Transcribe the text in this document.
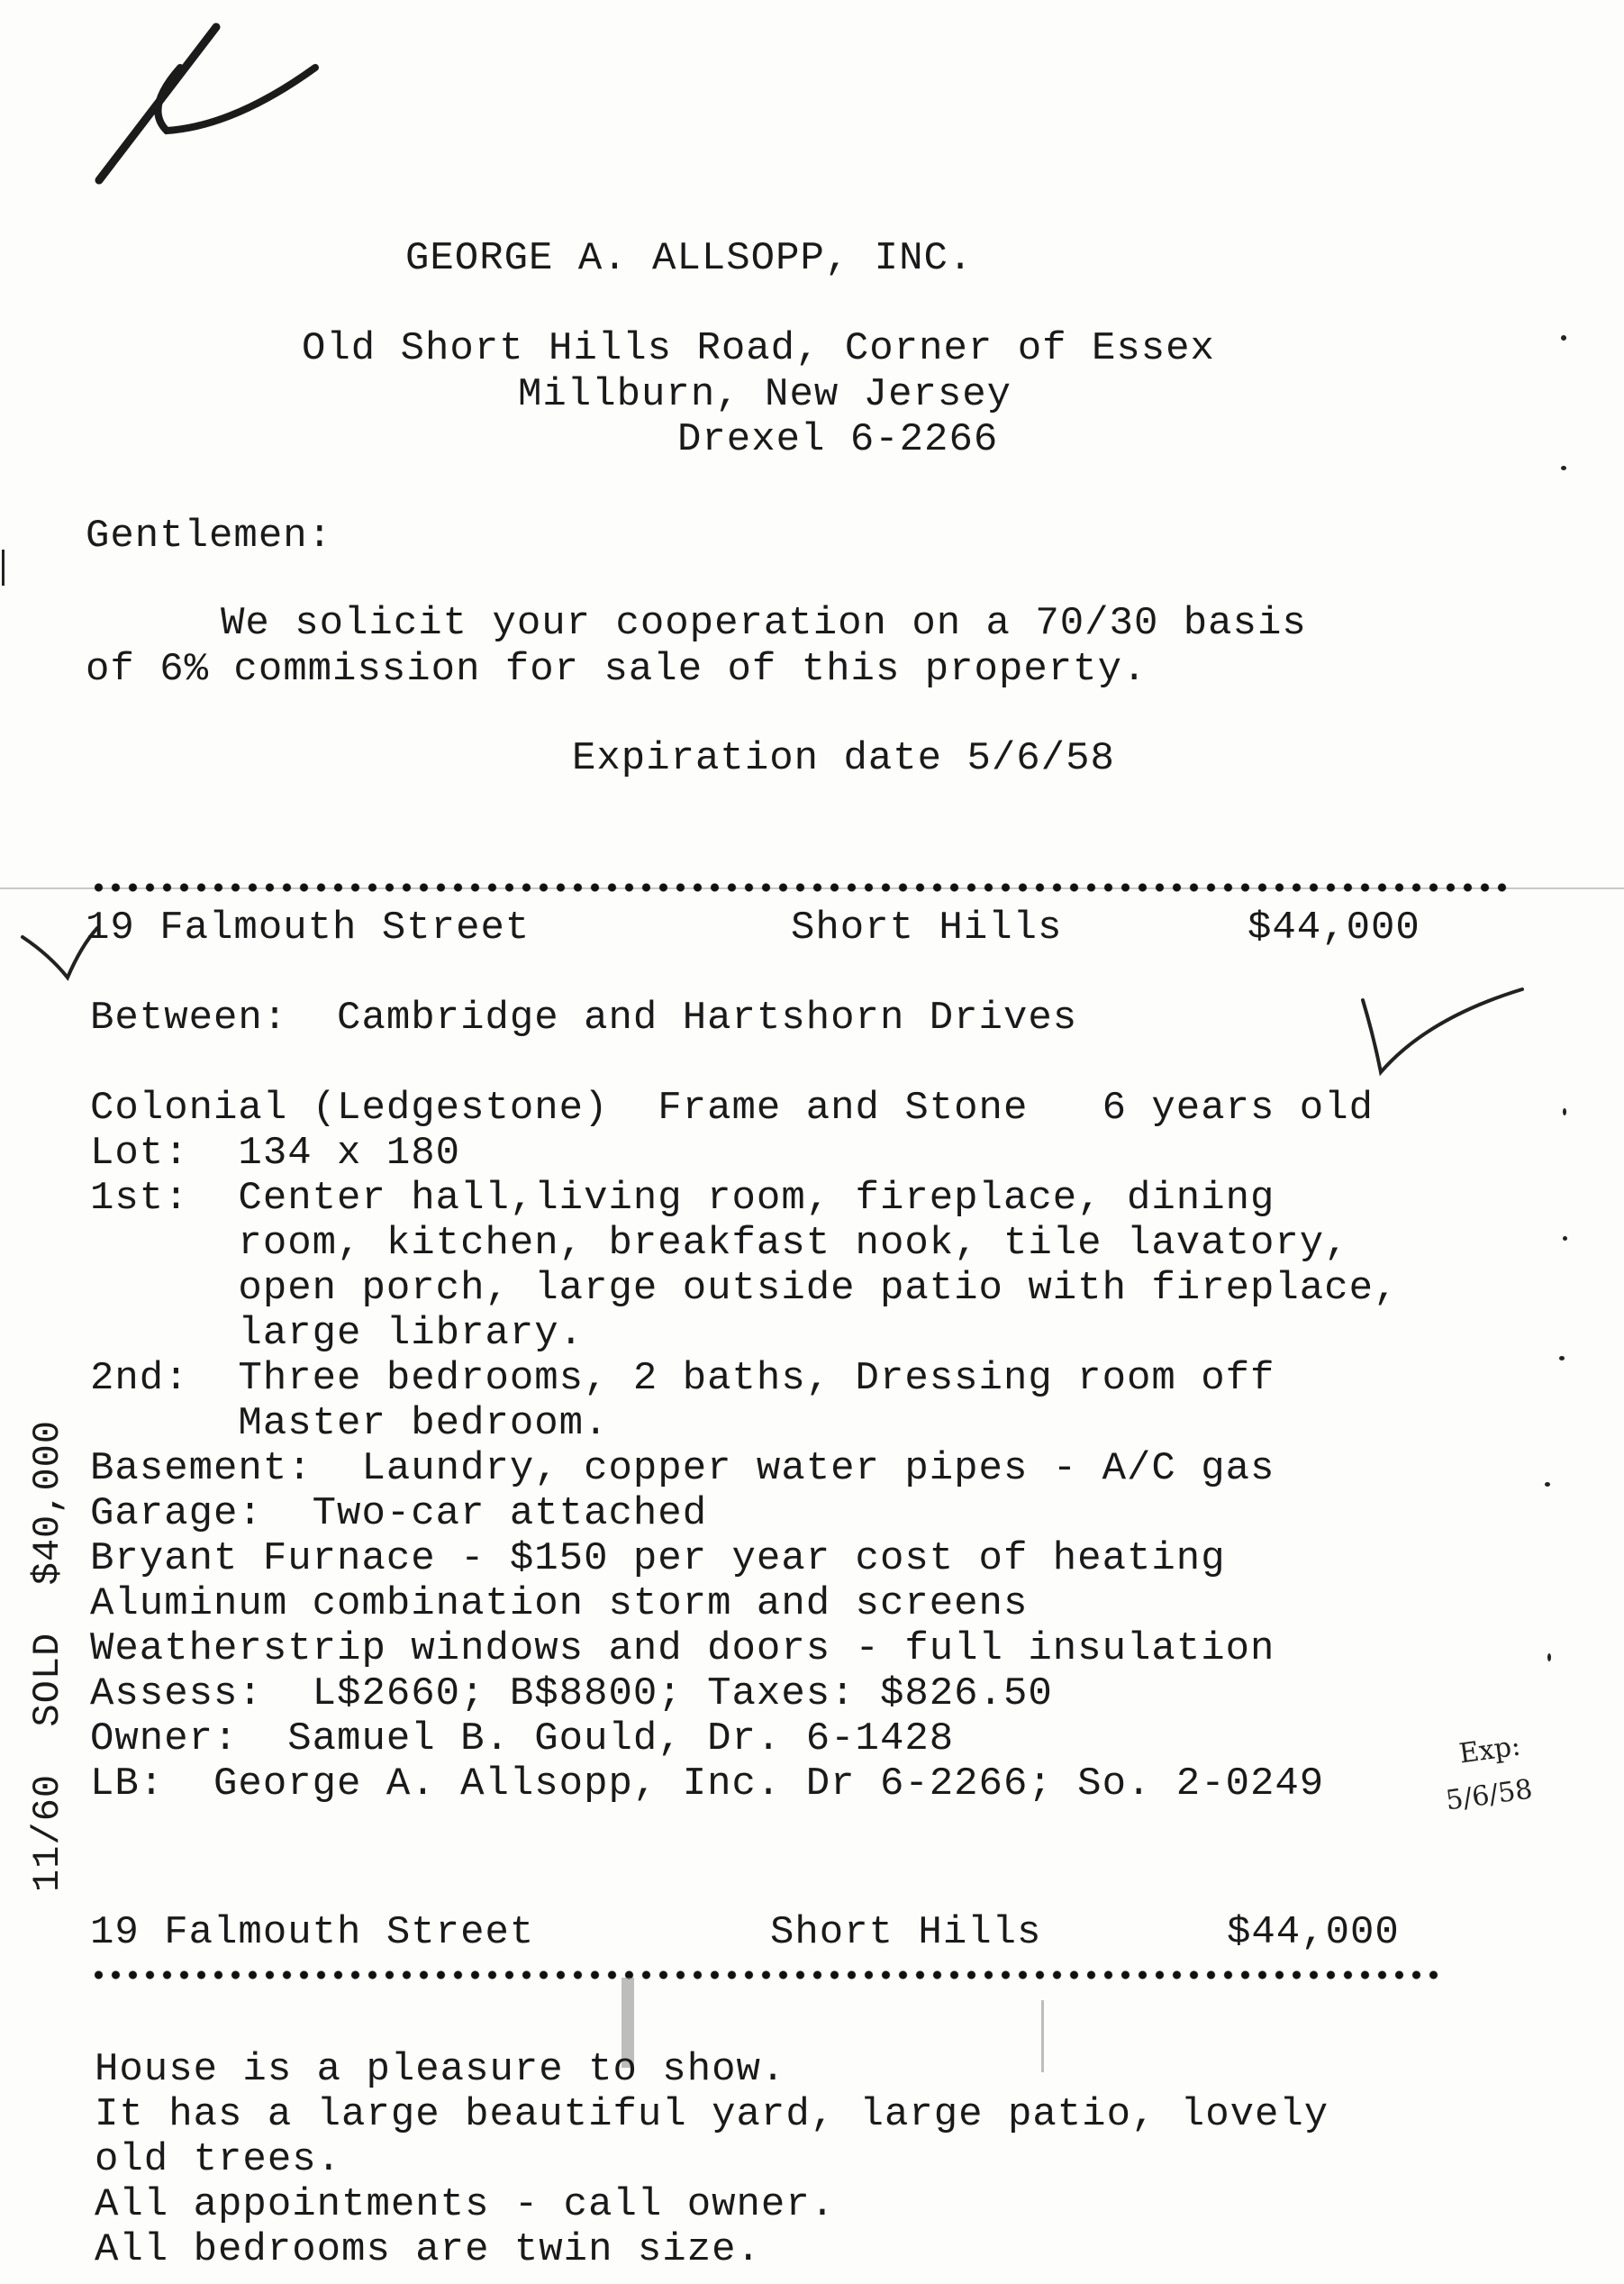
GEORGE A. ALLSOPP, INC.
Old Short Hills Road, Corner of Essex
Millburn, New Jersey
Drexel 6-2266
Gentlemen:
We solicit your cooperation on a 70/30 basis
of 6% commission for sale of this property.
Expiration date 5/6/58
19 Falmouth Street	Short Hills	$44,000
Between:  Cambridge and Hartshorn Drives
Colonial (Ledgestone)  Frame and Stone   6 years old
Lot:  134 x 180
1st:  Center hall,living room, fireplace, dining
room, kitchen, breakfast nook, tile lavatory,
open porch, large outside patio with fireplace,
large library.
2nd:  Three bedrooms, 2 baths, Dressing room off
Master bedroom.
Basement:  Laundry, copper water pipes - A/C gas
Garage:  Two-car attached
Bryant Furnace - $150 per year cost of heating
Aluminum combination storm and screens
Weatherstrip windows and doors - full insulation
Assess:  L$2660; B$8800; Taxes: $826.50
Owner:  Samuel B. Gould, Dr. 6-1428
LB:  George A. Allsopp, Inc. Dr 6-2266; So. 2-0249
11/60  SOLD  $40,000	Exp:
5/6/58
19 Falmouth Street	Short Hills	$44,000
House is a pleasure to show.
It has a large beautiful yard, large patio, lovely
old trees.
All appointments - call owner.
All bedrooms are twin size.
